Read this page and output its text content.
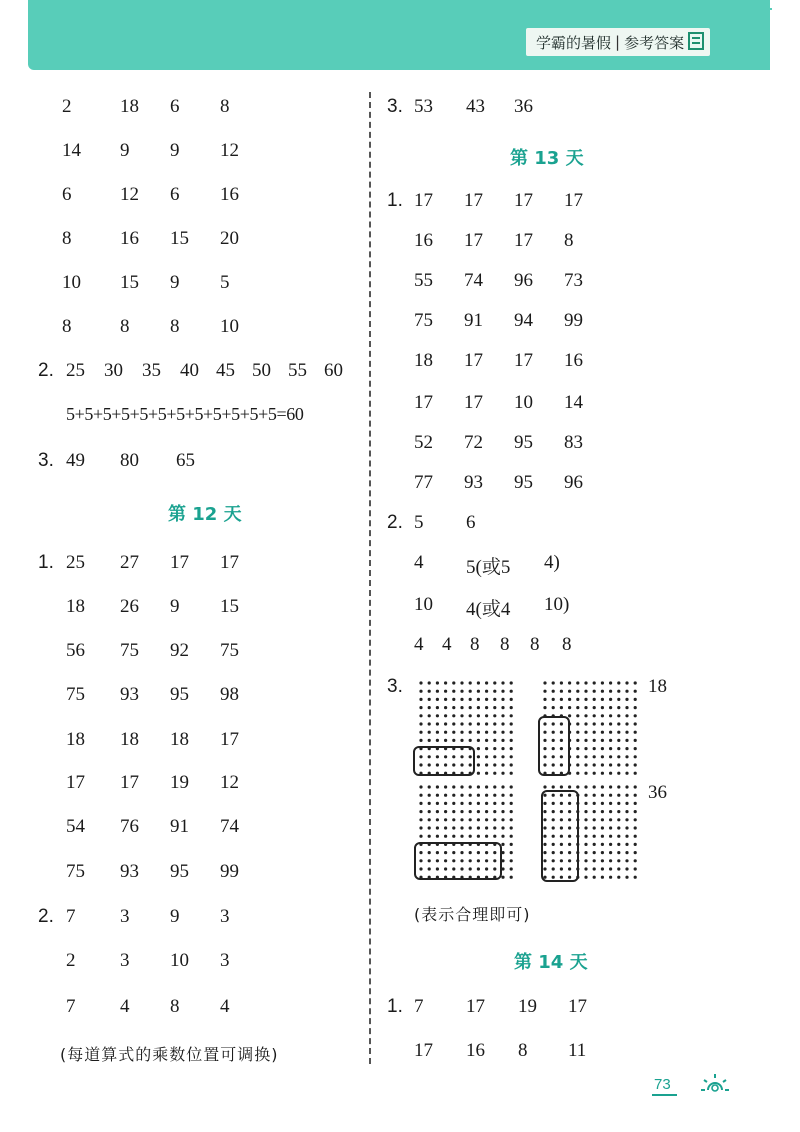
学霸的暑假 | 参考答案
2	18 6 8
14 9 9 12
6	12 6 16
8	16 15 20
10 15 9 5
8	8 8 10
2. 25 30 35 40 45 50 55 60
5+5+5+5+5+5+5+5+5+5+5+5=60
3. 49 80 65
1. 25 27 17 17
18 26 9 15
56 75 92 75
75 93 95 98
18 18 18 17
17 17 19 12
54 76 91 74
75 93 95 99
2. 7 3 9 3
2 3 10 3
7 4 8 4
3. 53 43 36
1. 17 17 17 17
16 17 17 8
55 74 96 73
75 91 94 99
18 17 17 16
17 17 10 14
52 72 95 83
77 93 95 96
2. 5 6
4 5(或5 4)
10 4(或4 10)
4 4 8 8 8 8
1. 7 17 19 17
17 16 8 11
第 12 天
第 13 天
第 14 天
(每道算式的乘数位置可调换)
(表示合理即可)
3.	18
36
73
